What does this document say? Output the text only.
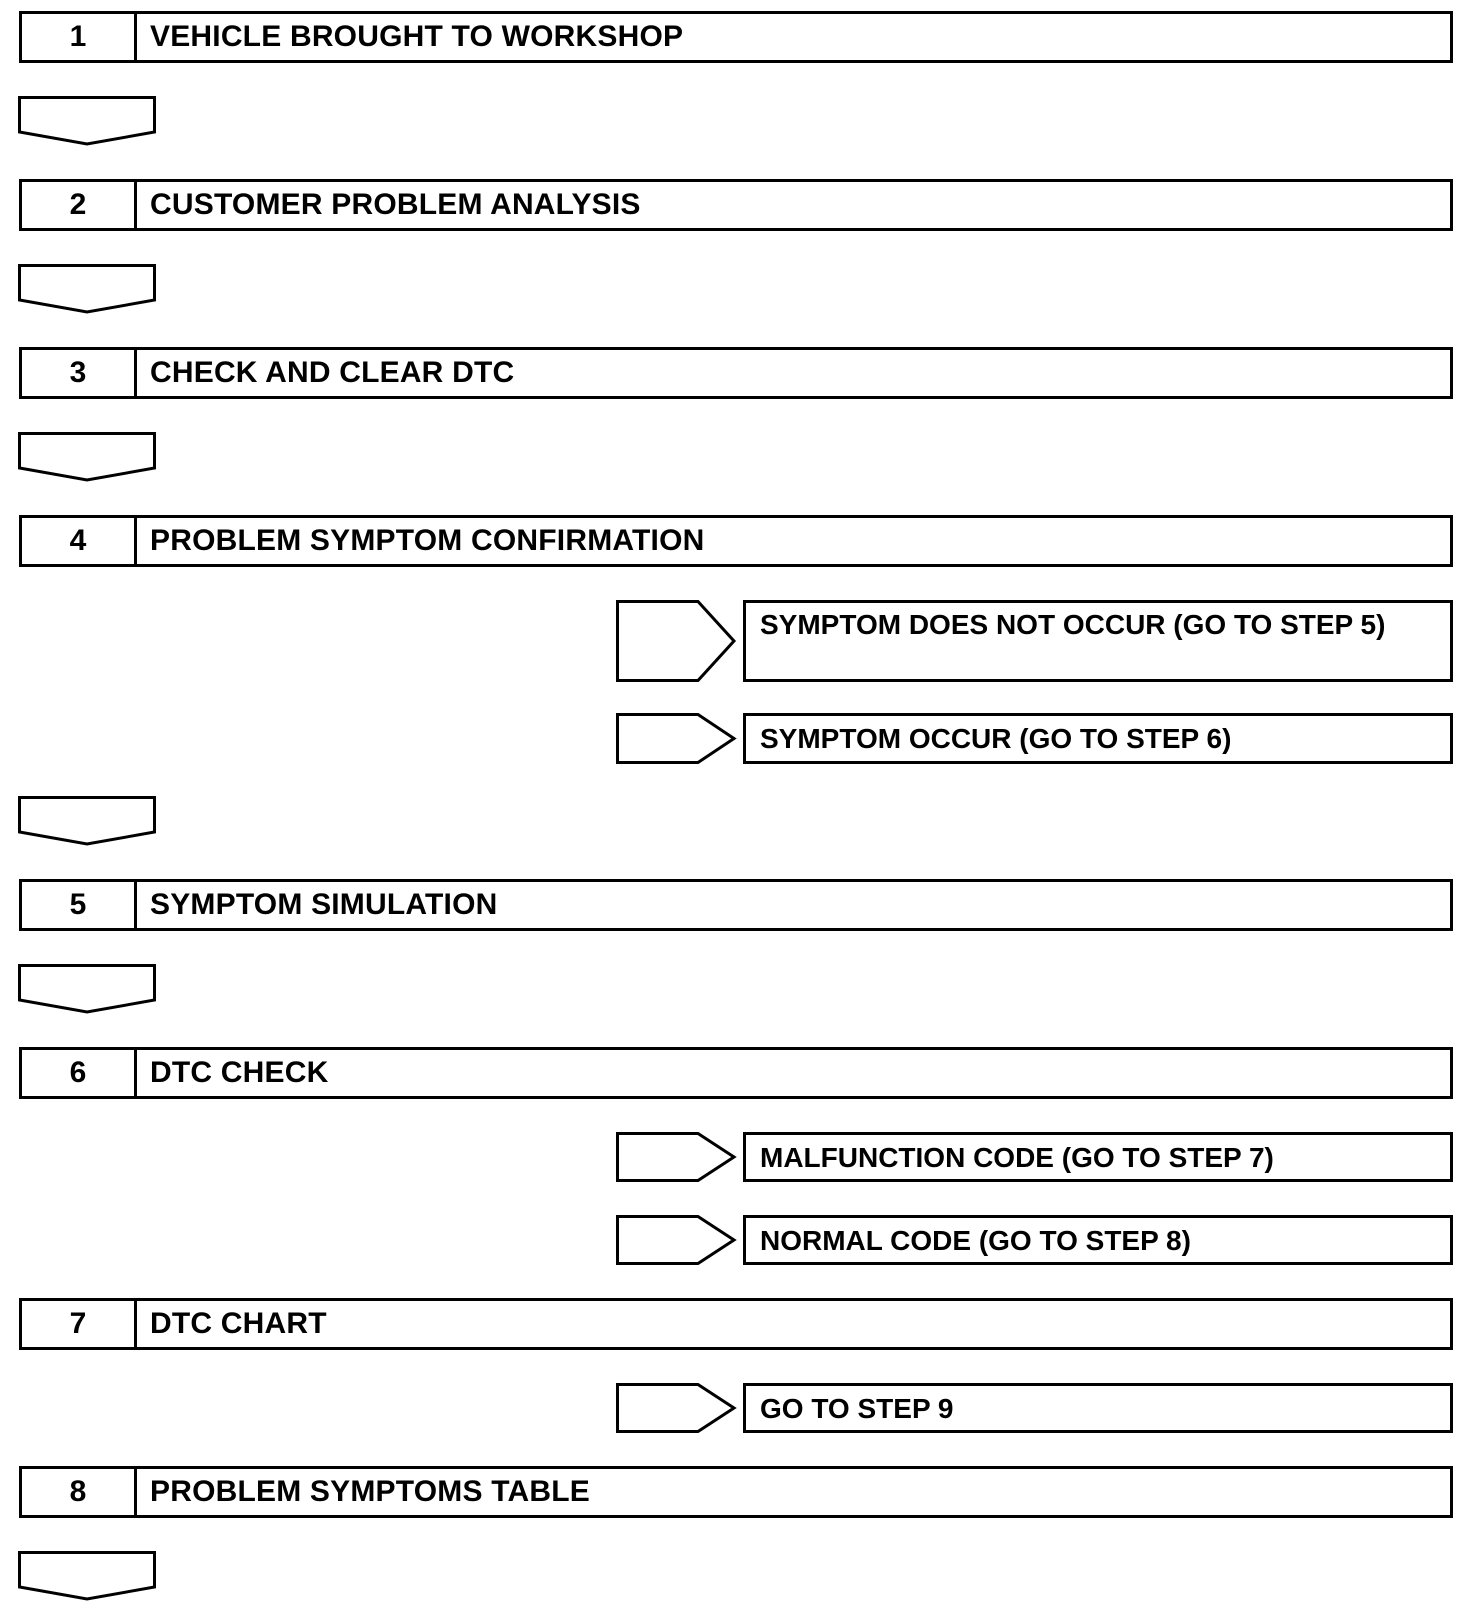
1	VEHICLE BROUGHT TO WORKSHOP
2	CUSTOMER PROBLEM ANALYSIS
3	CHECK AND CLEAR DTC
4	PROBLEM SYMPTOM CONFIRMATION
SYMPTOM DOES NOT OCCUR (GO TO STEP 5)
SYMPTOM OCCUR (GO TO STEP 6)
5	SYMPTOM SIMULATION
6	DTC CHECK
MALFUNCTION CODE (GO TO STEP 7)
NORMAL CODE (GO TO STEP 8)
7	DTC CHART
GO TO STEP 9
8	PROBLEM SYMPTOMS TABLE
